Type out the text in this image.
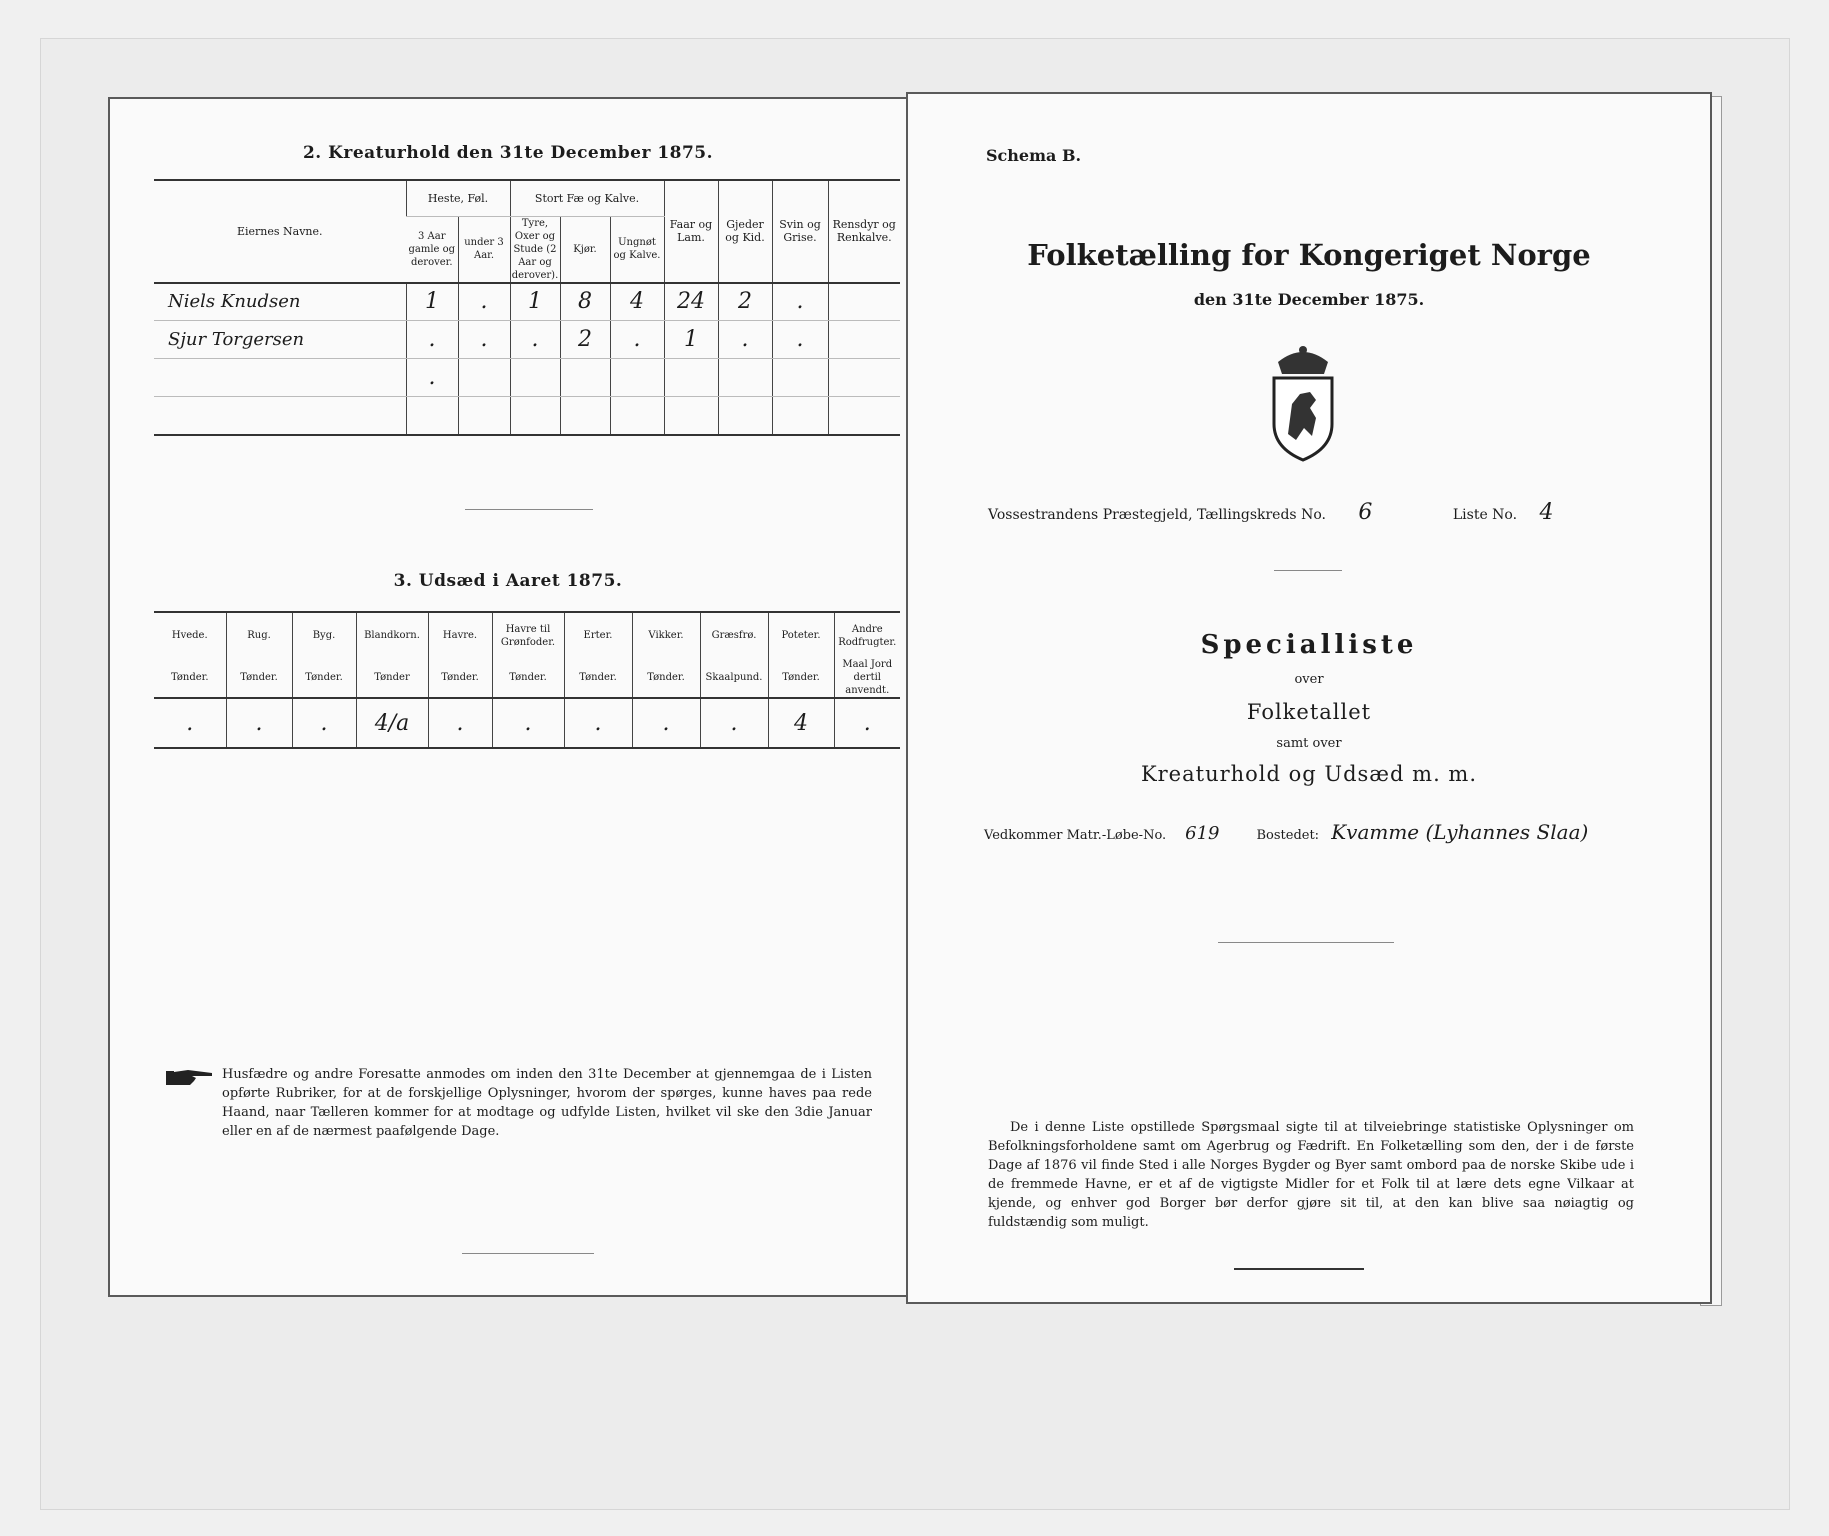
2. Kreaturhold den 31te December 1875.
Eiernes Navne.	Heste, Føl.		Stort Fæ og Kalve.			Faar og Lam.	Gjeder og Kid.	Svin og Grise.	Rensdyr og Renkalve.
	3 Aar gamle og derover.	under 3 Aar.	Tyre, Oxer og Stude (2 Aar og derover).	Kjør.	Ungnøt og Kalve.				
Niels Knudsen	1	.	1	8	4	24	2	.	
Sjur Torgersen	.	.	.	2	.	1	.	.	
	.								

3. Udsæd i Aaret 1875.
Hvede.	Rug.	Byg.	Blandkorn.	Havre.	Havre til Grønfoder.	Erter.	Vikker.	Græsfrø.	Poteter.	Andre Rodfrugter.
Tønder.	Tønder.	Tønder.	Tønder	Tønder.	Tønder.	Tønder.	Tønder.	Skaalpund.	Tønder.	Maal Jord dertil anvendt.
.	.	.	4/a	.	.	.	.	.	4	.
Husfædre og andre Foresatte anmodes om inden den 31te December at gjennemgaa de i Listen opførte Rubriker, for at de forskjellige Oplysninger, hvorom der spørges, kunne haves paa rede Haand, naar Tælleren kommer for at modtage og udfylde Listen, hvilket vil ske den 3die Januar eller en af de nærmest paafølgende Dage.
Schema B.
Folketælling for Kongeriget Norge
den 31te December 1875.
Vossestrandens Præstegjeld, Tællingskreds No. 6	Liste No. 4
Specialliste
over
Folketallet
samt over
Kreaturhold og Udsæd m. m.
Vedkommer Matr.-Løbe-No. 619	Bostedet: Kvamme (Lyhannes Slaa)
De i denne Liste opstillede Spørgsmaal sigte til at tilveiebringe statistiske Oplysninger om Befolkningsforholdene samt om Agerbrug og Fædrift. En Folketælling som den, der i de første Dage af 1876 vil finde Sted i alle Norges Bygder og Byer samt ombord paa de norske Skibe ude i de fremmede Havne, er et af de vigtigste Midler for et Folk til at lære dets egne Vilkaar at kjende, og enhver god Borger bør derfor gjøre sit til, at den kan blive saa nøiagtig og fuldstændig som muligt.
